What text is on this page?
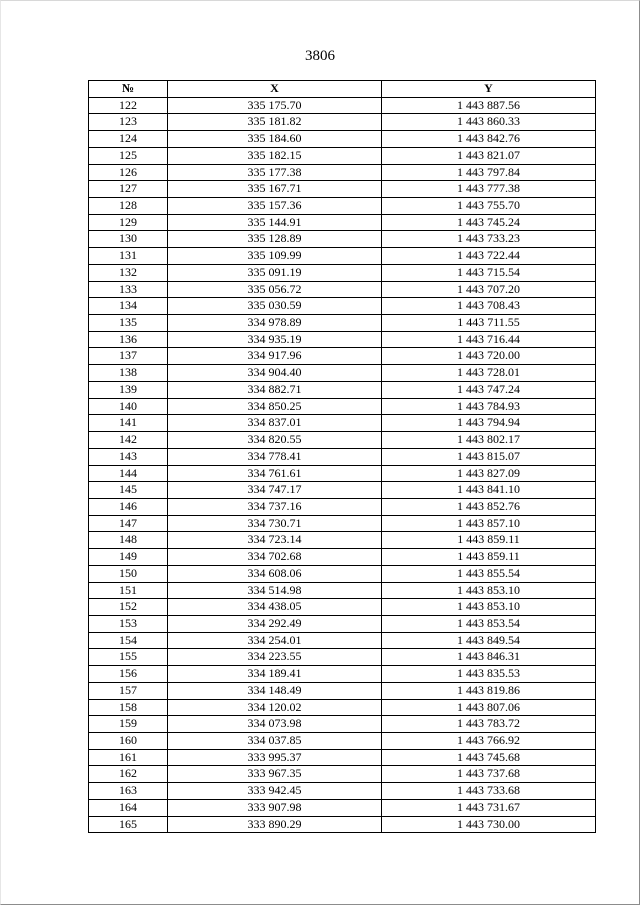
3806
№	X	Y
122	335 175.70	1 443 887.56
123	335 181.82	1 443 860.33
124	335 184.60	1 443 842.76
125	335 182.15	1 443 821.07
126	335 177.38	1 443 797.84
127	335 167.71	1 443 777.38
128	335 157.36	1 443 755.70
129	335 144.91	1 443 745.24
130	335 128.89	1 443 733.23
131	335 109.99	1 443 722.44
132	335 091.19	1 443 715.54
133	335 056.72	1 443 707.20
134	335 030.59	1 443 708.43
135	334 978.89	1 443 711.55
136	334 935.19	1 443 716.44
137	334 917.96	1 443 720.00
138	334 904.40	1 443 728.01
139	334 882.71	1 443 747.24
140	334 850.25	1 443 784.93
141	334 837.01	1 443 794.94
142	334 820.55	1 443 802.17
143	334 778.41	1 443 815.07
144	334 761.61	1 443 827.09
145	334 747.17	1 443 841.10
146	334 737.16	1 443 852.76
147	334 730.71	1 443 857.10
148	334 723.14	1 443 859.11
149	334 702.68	1 443 859.11
150	334 608.06	1 443 855.54
151	334 514.98	1 443 853.10
152	334 438.05	1 443 853.10
153	334 292.49	1 443 853.54
154	334 254.01	1 443 849.54
155	334 223.55	1 443 846.31
156	334 189.41	1 443 835.53
157	334 148.49	1 443 819.86
158	334 120.02	1 443 807.06
159	334 073.98	1 443 783.72
160	334 037.85	1 443 766.92
161	333 995.37	1 443 745.68
162	333 967.35	1 443 737.68
163	333 942.45	1 443 733.68
164	333 907.98	1 443 731.67
165	333 890.29	1 443 730.00
